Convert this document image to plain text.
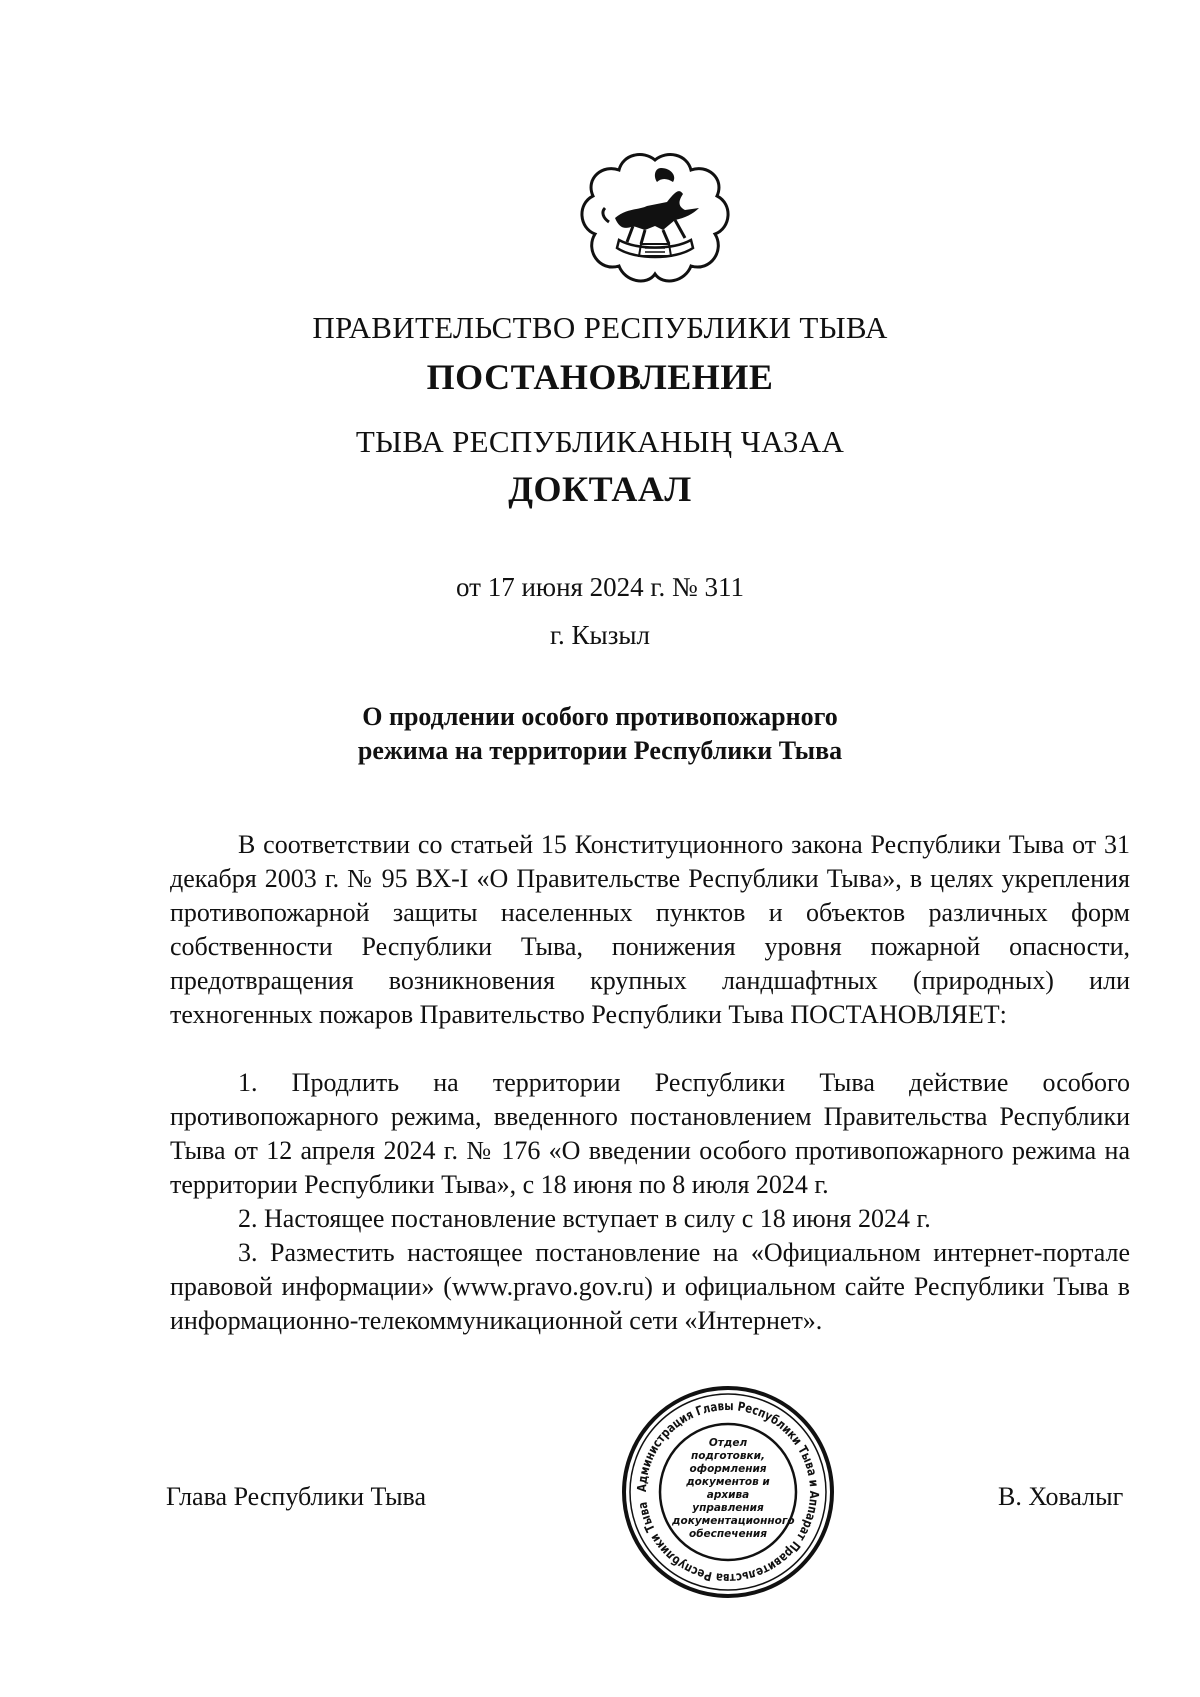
ПРАВИТЕЛЬСТВО РЕСПУБЛИКИ ТЫВА
ПОСТАНОВЛЕНИЕ
ТЫВА РЕСПУБЛИКАНЫҢ ЧАЗАА
ДОКТААЛ
от 17 июня 2024 г. № 311
г. Кызыл
О продлении особого противопожарного
режима на территории Республики Тыва

В соответствии со статьей 15 Конституционного закона Республики Тыва от 31 декабря 2003 г. № 95 ВХ-I «О Правительстве Республики Тыва», в целях укрепления противопожарной защиты населенных пунктов и объектов различных форм собственности Республики Тыва, понижения уровня пожарной опасности, предотвращения возникновения крупных ландшафтных (природных) или техногенных пожаров Правительство Республики Тыва ПОСТАНОВЛЯЕТ:

1. Продлить на территории Республики Тыва действие особого противопожарного режима, введенного постановлением Правительства Республики Тыва от 12 апреля 2024 г. № 176 «О введении особого противопожарного режима на территории Республики Тыва», с 18 июня по 8 июля 2024 г.

2. Настоящее постановление вступает в силу с 18 июня 2024 г.

3. Разместить настоящее постановление на «Официальном интернет-портале правовой информации» (www.pravo.gov.ru) и официальном сайте Республики Тыва в информационно-телекоммуникационной сети «Интернет».

Глава Республики Тыва	В. Ховалыг
Администрация Главы Республики Тыва и Аппарат Правительства Республики Тыва
Отдел подготовки, оформления документов и архива управления документационного обеспечения
